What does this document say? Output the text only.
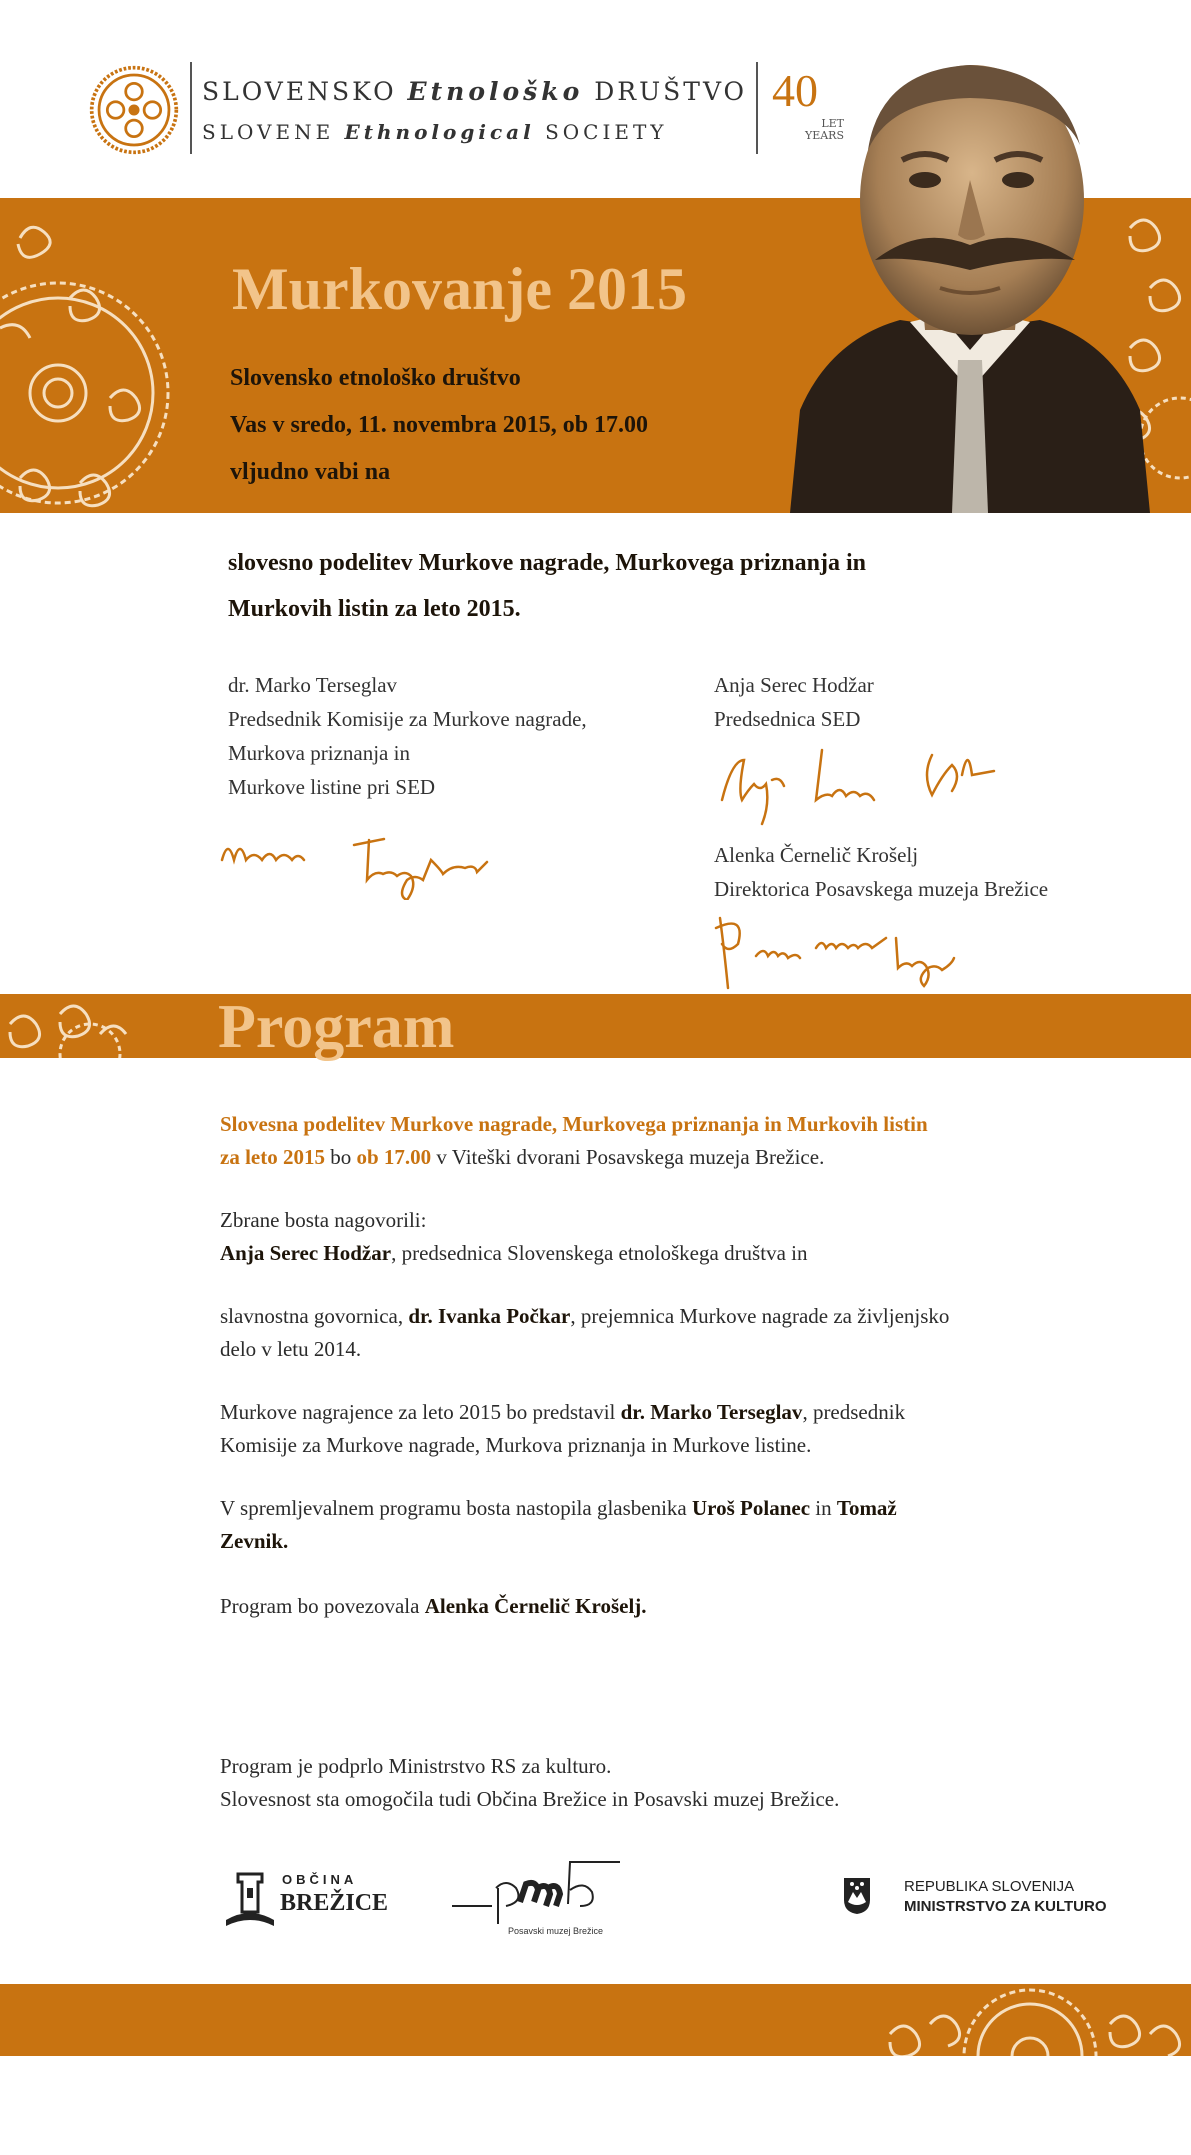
SLOVENSKO Etnološko DRUŠTVO
SLOVENE Ethnological SOCIETY
40
LET
YEARS
Murkovanje 2015
Slovensko etnološko društvo
Vas v sredo, 11. novembra 2015, ob 17.00
vljudno vabi na
slovesno podelitev Murkove nagrade, Murkovega priznanja in
Murkovih listin za leto 2015.
dr. Marko Terseglav
Predsednik Komisije za Murkove nagrade,
Murkova priznanja in
Murkove listine pri SED
Anja Serec Hodžar
Predsednica SED
Alenka Černelič Krošelj
Direktorica Posavskega muzeja Brežice
Program
Slovesna podelitev Murkove nagrade, Murkovega priznanja in Murkovih listin
za leto 2015 bo ob 17.00 v Viteški dvorani Posavskega muzeja Brežice.
Zbrane bosta nagovorili:
Anja Serec Hodžar, predsednica Slovenskega etnološkega društva in
slavnostna govornica, dr. Ivanka Počkar, prejemnica Murkove nagrade za življenjsko
delo v letu 2014.
Murkove nagrajence za leto 2015 bo predstavil dr. Marko Terseglav, predsednik
Komisije za Murkove nagrade, Murkova priznanja in Murkove listine.
V spremljevalnem programu bosta nastopila glasbenika Uroš Polanec in Tomaž
Zevnik.
Program bo povezovala Alenka Černelič Krošelj.
Program je podprlo Ministrstvo RS za kulturo.
Slovesnost sta omogočila tudi Občina Brežice in Posavski muzej Brežice.
OBČINA
BREŽICE
Posavski muzej Brežice
REPUBLIKA SLOVENIJA
MINISTRSTVO ZA KULTURO
